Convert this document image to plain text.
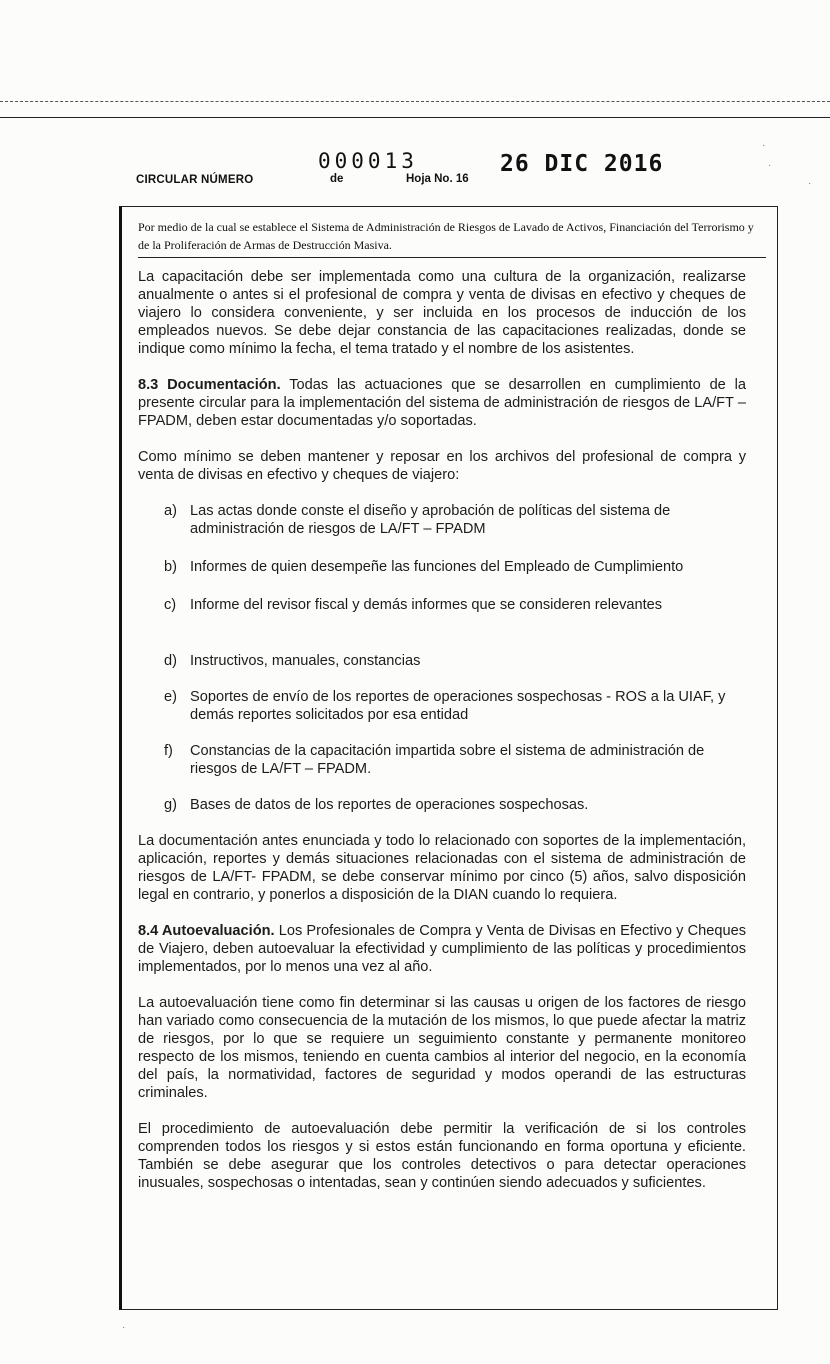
CIRCULAR NÚMERO
000013
de	Hoja No. 16
26 DIC 2016
·
·
·
Por medio de la cual se establece el Sistema de Administración de Riesgos de Lavado de Activos, Financiación del Terrorismo y de la Proliferación de Armas de Destrucción Masiva.

La capacitación debe ser implementada como una cultura de la organización, realizarse anualmente o antes si el profesional de compra y venta de divisas en efectivo y cheques de viajero lo considera conveniente, y ser incluida en los procesos de inducción de los empleados nuevos. Se debe dejar constancia de las capacitaciones realizadas, donde se indique como mínimo la fecha, el tema tratado y el nombre de los asistentes.

8.3 Documentación. Todas las actuaciones que se desarrollen en cumplimiento de la presente circular para la implementación del sistema de administración de riesgos de LA/FT – FPADM, deben estar documentadas y/o soportadas.

Como mínimo se deben mantener y reposar en los archivos del profesional de compra y venta de divisas en efectivo y cheques de viajero:

a) Las actas donde conste el diseño y aprobación de políticas del sistema de administración de riesgos de LA/FT – FPADM
b) Informes de quien desempeñe las funciones del Empleado de Cumplimiento
c) Informe del revisor fiscal y demás informes que se consideren relevantes
d) Instructivos, manuales, constancias
e) Soportes de envío de los reportes de operaciones sospechosas - ROS a la UIAF, y demás reportes solicitados por esa entidad
f) Constancias de la capacitación impartida sobre el sistema de administración de riesgos de LA/FT – FPADM.
g) Bases de datos de los reportes de operaciones sospechosas.

La documentación antes enunciada y todo lo relacionado con soportes de la implementación, aplicación, reportes y demás situaciones relacionadas con el sistema de administración de riesgos de LA/FT- FPADM, se debe conservar mínimo por cinco (5) años, salvo disposición legal en contrario, y ponerlos a disposición de la DIAN cuando lo requiera.

8.4 Autoevaluación. Los Profesionales de Compra y Venta de Divisas en Efectivo y Cheques de Viajero, deben autoevaluar la efectividad y cumplimiento de las políticas y procedimientos implementados, por lo menos una vez al año.

La autoevaluación tiene como fin determinar si las causas u origen de los factores de riesgo han variado como consecuencia de la mutación de los mismos, lo que puede afectar la matriz de riesgos, por lo que se requiere un seguimiento constante y permanente monitoreo respecto de los mismos, teniendo en cuenta cambios al interior del negocio, en la economía del país, la normatividad, factores de seguridad y modos operandi de las estructuras criminales.

El procedimiento de autoevaluación debe permitir la verificación de si los controles comprenden todos los riesgos y si estos están funcionando en forma oportuna y eficiente. También se debe asegurar que los controles detectivos o para detectar operaciones inusuales, sospechosas o intentadas, sean y continúen siendo adecuados y suficientes.

·
